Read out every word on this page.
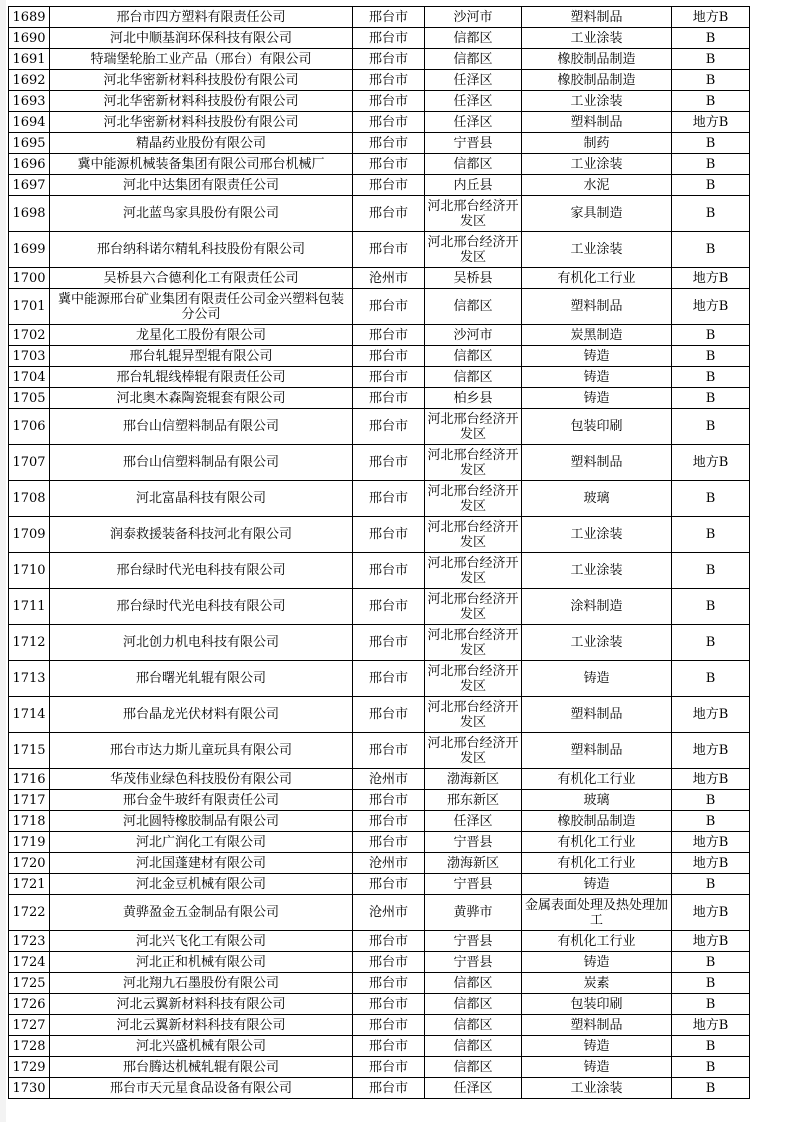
1689	邢台市四方塑料有限责任公司	邢台市	沙河市	塑料制品	地方B
1690	河北中顺基润环保科技有限公司	邢台市	信都区	工业涂装	B
1691	特瑞堡轮胎工业产品（邢台）有限公司	邢台市	信都区	橡胶制品制造	B
1692	河北华密新材料科技股份有限公司	邢台市	任泽区	橡胶制品制造	B
1693	河北华密新材料科技股份有限公司	邢台市	任泽区	工业涂装	B
1694	河北华密新材料科技股份有限公司	邢台市	任泽区	塑料制品	地方B
1695	精晶药业股份有限公司	邢台市	宁晋县	制药	B
1696	冀中能源机械装备集团有限公司邢台机械厂	邢台市	信都区	工业涂装	B
1697	河北中达集团有限责任公司	邢台市	内丘县	水泥	B
1698	河北蓝鸟家具股份有限公司	邢台市	河北邢台经济开发区	家具制造	B
1699	邢台纳科诺尔精轧科技股份有限公司	邢台市	河北邢台经济开发区	工业涂装	B
1700	吴桥县六合德利化工有限责任公司	沧州市	吴桥县	有机化工行业	地方B
1701	冀中能源邢台矿业集团有限责任公司金兴塑料包装分公司	邢台市	信都区	塑料制品	地方B
1702	龙星化工股份有限公司	邢台市	沙河市	炭黑制造	B
1703	邢台轧辊异型辊有限公司	邢台市	信都区	铸造	B
1704	邢台轧辊线棒辊有限责任公司	邢台市	信都区	铸造	B
1705	河北奥木森陶瓷辊套有限公司	邢台市	柏乡县	铸造	B
1706	邢台山信塑料制品有限公司	邢台市	河北邢台经济开发区	包装印刷	B
1707	邢台山信塑料制品有限公司	邢台市	河北邢台经济开发区	塑料制品	地方B
1708	河北富晶科技有限公司	邢台市	河北邢台经济开发区	玻璃	B
1709	润泰救援装备科技河北有限公司	邢台市	河北邢台经济开发区	工业涂装	B
1710	邢台绿时代光电科技有限公司	邢台市	河北邢台经济开发区	工业涂装	B
1711	邢台绿时代光电科技有限公司	邢台市	河北邢台经济开发区	涂料制造	B
1712	河北创力机电科技有限公司	邢台市	河北邢台经济开发区	工业涂装	B
1713	邢台曙光轧辊有限公司	邢台市	河北邢台经济开发区	铸造	B
1714	邢台晶龙光伏材料有限公司	邢台市	河北邢台经济开发区	塑料制品	地方B
1715	邢台市达力斯儿童玩具有限公司	邢台市	河北邢台经济开发区	塑料制品	地方B
1716	华茂伟业绿色科技股份有限公司	沧州市	渤海新区	有机化工行业	地方B
1717	邢台金牛玻纤有限责任公司	邢台市	邢东新区	玻璃	B
1718	河北圆特橡胶制品有限公司	邢台市	任泽区	橡胶制品制造	B
1719	河北广润化工有限公司	邢台市	宁晋县	有机化工行业	地方B
1720	河北国蓬建材有限公司	沧州市	渤海新区	有机化工行业	地方B
1721	河北金豆机械有限公司	邢台市	宁晋县	铸造	B
1722	黄骅盈金五金制品有限公司	沧州市	黄骅市	金属表面处理及热处理加工	地方B
1723	河北兴飞化工有限公司	邢台市	宁晋县	有机化工行业	地方B
1724	河北正和机械有限公司	邢台市	宁晋县	铸造	B
1725	河北翔九石墨股份有限公司	邢台市	信都区	炭素	B
1726	河北云翼新材料科技有限公司	邢台市	信都区	包装印刷	B
1727	河北云翼新材料科技有限公司	邢台市	信都区	塑料制品	地方B
1728	河北兴盛机械有限公司	邢台市	信都区	铸造	B
1729	邢台腾达机械轧辊有限公司	邢台市	信都区	铸造	B
1730	邢台市天元星食品设备有限公司	邢台市	任泽区	工业涂装	B
